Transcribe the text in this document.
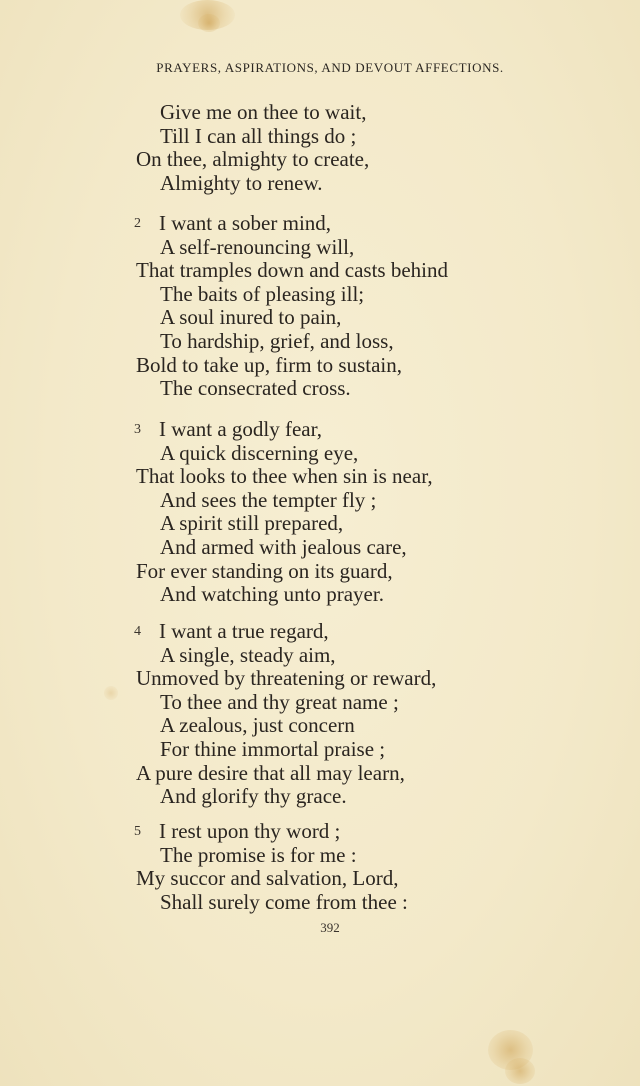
PRAYERS, ASPIRATIONS, AND DEVOUT AFFECTIONS.
Give me on thee to wait,
Till I can all things do ;
On thee, almighty to create,
Almighty to renew.
2 I want a sober mind,
A self-renouncing will,
That tramples down and casts behind
The baits of pleasing ill;
A soul inured to pain,
To hardship, grief, and loss,
Bold to take up, firm to sustain,
The consecrated cross.
3 I want a godly fear,
A quick discerning eye,
That looks to thee when sin is near,
And sees the tempter fly ;
A spirit still prepared,
And armed with jealous care,
For ever standing on its guard,
And watching unto prayer.
4 I want a true regard,
A single, steady aim,
Unmoved by threatening or reward,
To thee and thy great name ;
A zealous, just concern
For thine immortal praise ;
A pure desire that all may learn,
And glorify thy grace.
5 I rest upon thy word ;
The promise is for me :
My succor and salvation, Lord,
Shall surely come from thee :
392
